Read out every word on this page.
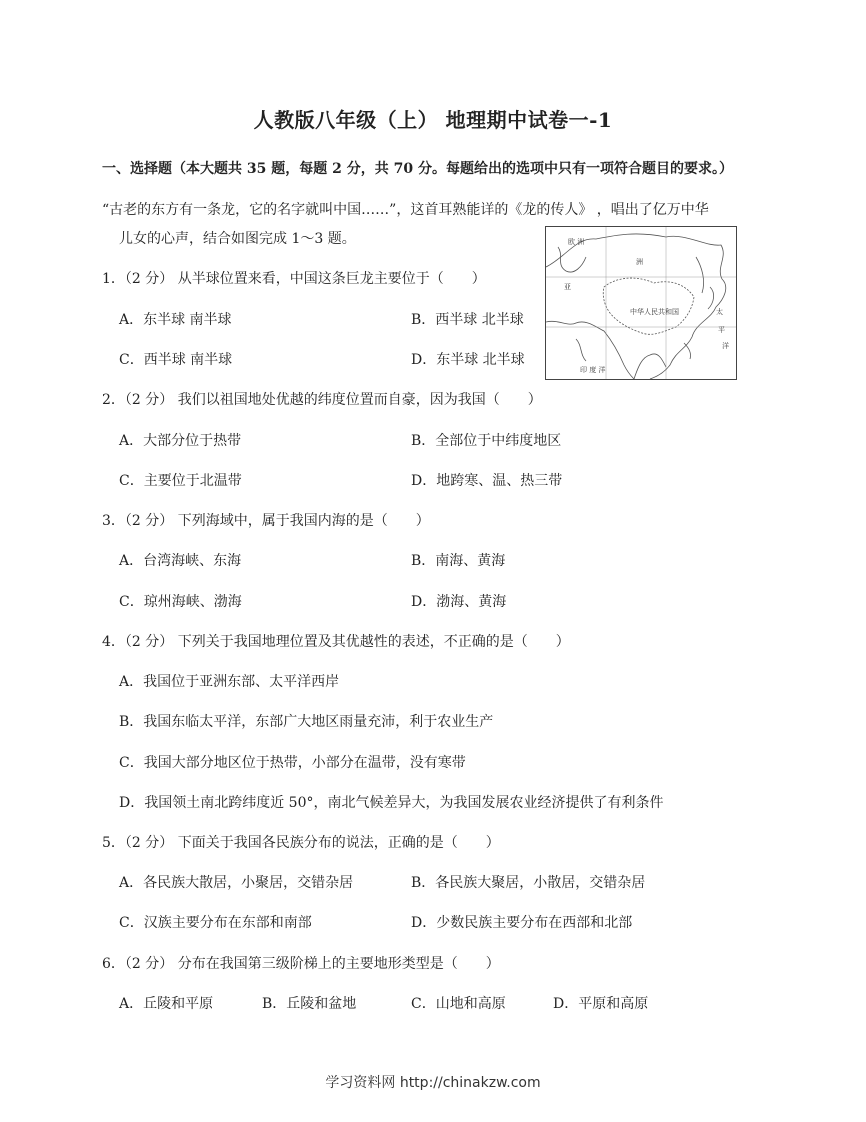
人教版八年级（上） 地理期中试卷一-1
一、选择题（本大题共 35 题，每题 2 分，共 70 分。每题给出的选项中只有一项符合题目的要求。）
“古老的东方有一条龙，它的名字就叫中国……”，这首耳熟能详的《龙的传人》 ，唱出了亿万中华
儿女的心声，结合如图完成 1～3 题。	欧 洲
亚
洲
中华人民共和国	太
平
洋
印 度 洋
1．（2 分） 从半球位置来看，中国这条巨龙主要位于（　　）
A．东半球 南半球	B．西半球 北半球
C．西半球 南半球	D．东半球 北半球
2．（2 分） 我们以祖国地处优越的纬度位置而自豪，因为我国（　　）
A．大部分位于热带	B．全部位于中纬度地区
C．主要位于北温带	D．地跨寒、温、热三带
3．（2 分） 下列海域中，属于我国内海的是（　　）
A．台湾海峡、东海	B．南海、黄海
C．琼州海峡、渤海	D．渤海、黄海
4．（2 分） 下列关于我国地理位置及其优越性的表述，不正确的是（　　）
A．我国位于亚洲东部、太平洋西岸
B．我国东临太平洋，东部广大地区雨量充沛，利于农业生产
C．我国大部分地区位于热带，小部分在温带，没有寒带
D．我国领土南北跨纬度近 50°，南北气候差异大，为我国发展农业经济提供了有利条件
5．（2 分） 下面关于我国各民族分布的说法，正确的是（　　）
A．各民族大散居，小聚居，交错杂居	B．各民族大聚居，小散居，交错杂居
C．汉族主要分布在东部和南部	D．少数民族主要分布在西部和北部
6．（2 分） 分布在我国第三级阶梯上的主要地形类型是（　　）
A．丘陵和平原	B．丘陵和盆地	C．山地和高原	D．平原和高原
学习资料网 http://chinakzw.com
